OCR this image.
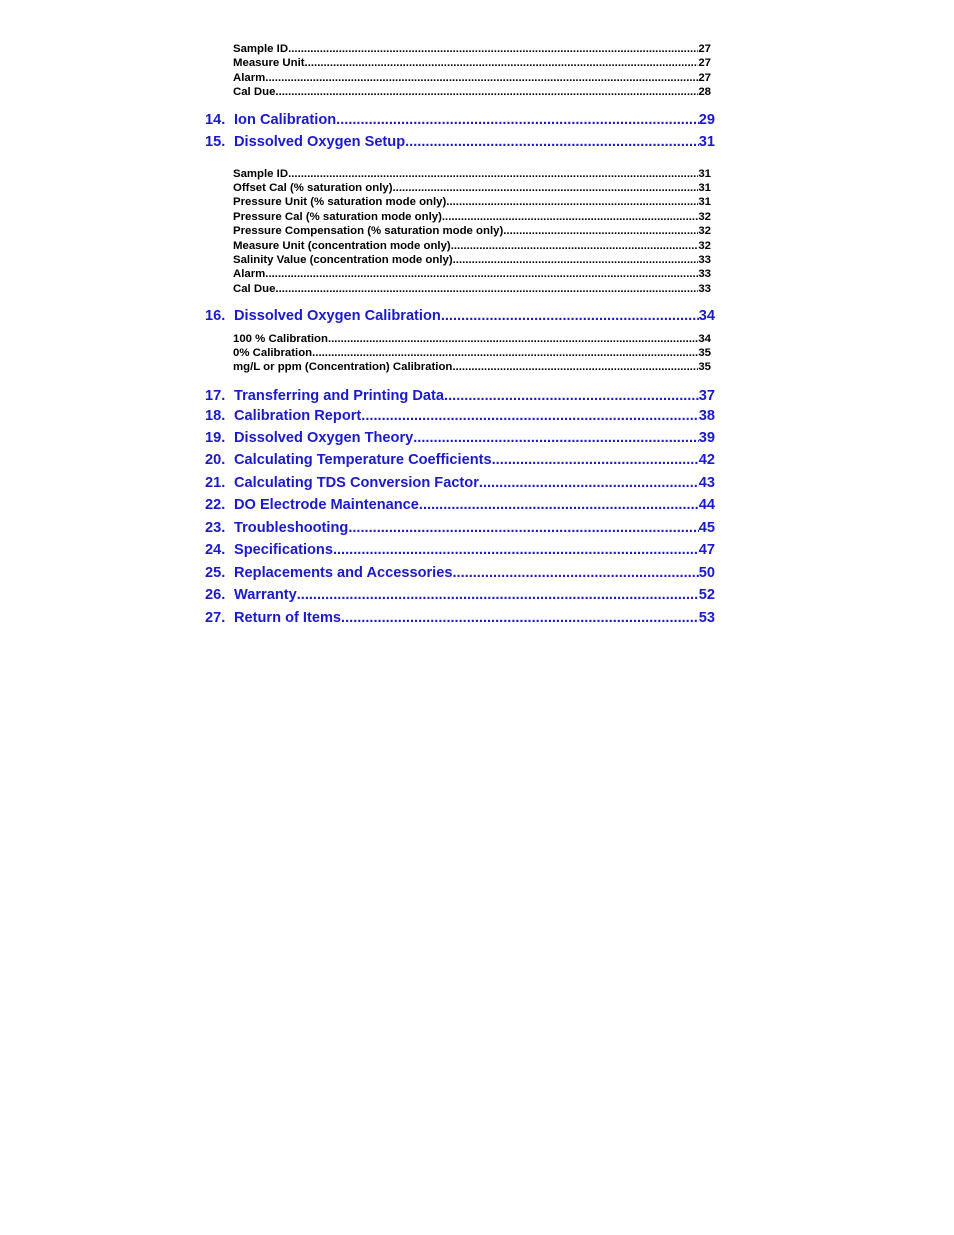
Sample ID .....	27
Measure Unit .....	27
Alarm .....	27
Cal Due .....	28
14. Ion Calibration .....	29
15. Dissolved Oxygen Setup .....	31
Sample ID .....	31
Offset Cal (% saturation only) .....	31
Pressure Unit (% saturation mode only) .....	31
Pressure Cal (% saturation mode only) .....	32
Pressure Compensation (% saturation mode only) .....	32
Measure Unit (concentration mode only) .....	32
Salinity Value (concentration mode only) .....	33
Alarm .....	33
Cal Due .....	33
16. Dissolved Oxygen Calibration .....	34
100 % Calibration .....	34
0% Calibration .....	35
mg/L or ppm (Concentration) Calibration .....	35
17. Transferring and Printing Data .....	37
18. Calibration Report .....	38
19. Dissolved Oxygen Theory .....	39
20. Calculating Temperature Coefficients .....	42
21. Calculating TDS Conversion Factor .....	43
22. DO Electrode Maintenance .....	44
23. Troubleshooting .....	45
24. Specifications .....	47
25. Replacements and Accessories .....	50
26. Warranty .....	52
27. Return of Items .....	53
